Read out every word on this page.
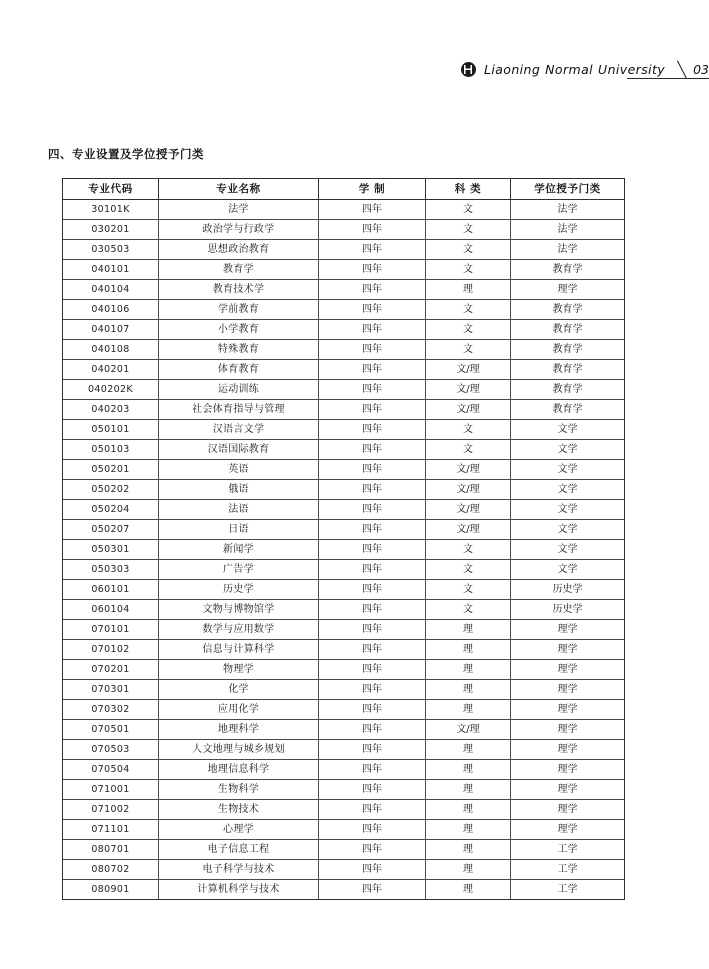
Liaoning Normal University	03
四、专业设置及学位授予门类
专业代码	专业名称	学 制	科 类	学位授予门类
30101K	法学	四年	文	法学
030201	政治学与行政学	四年	文	法学
030503	思想政治教育	四年	文	法学
040101	教育学	四年	文	教育学
040104	教育技术学	四年	理	理学
040106	学前教育	四年	文	教育学
040107	小学教育	四年	文	教育学
040108	特殊教育	四年	文	教育学
040201	体育教育	四年	文/理	教育学
040202K	运动训练	四年	文/理	教育学
040203	社会体育指导与管理	四年	文/理	教育学
050101	汉语言文学	四年	文	文学
050103	汉语国际教育	四年	文	文学
050201	英语	四年	文/理	文学
050202	俄语	四年	文/理	文学
050204	法语	四年	文/理	文学
050207	日语	四年	文/理	文学
050301	新闻学	四年	文	文学
050303	广告学	四年	文	文学
060101	历史学	四年	文	历史学
060104	文物与博物馆学	四年	文	历史学
070101	数学与应用数学	四年	理	理学
070102	信息与计算科学	四年	理	理学
070201	物理学	四年	理	理学
070301	化学	四年	理	理学
070302	应用化学	四年	理	理学
070501	地理科学	四年	文/理	理学
070503	人文地理与城乡规划	四年	理	理学
070504	地理信息科学	四年	理	理学
071001	生物科学	四年	理	理学
071002	生物技术	四年	理	理学
071101	心理学	四年	理	理学
080701	电子信息工程	四年	理	工学
080702	电子科学与技术	四年	理	工学
080901	计算机科学与技术	四年	理	工学
